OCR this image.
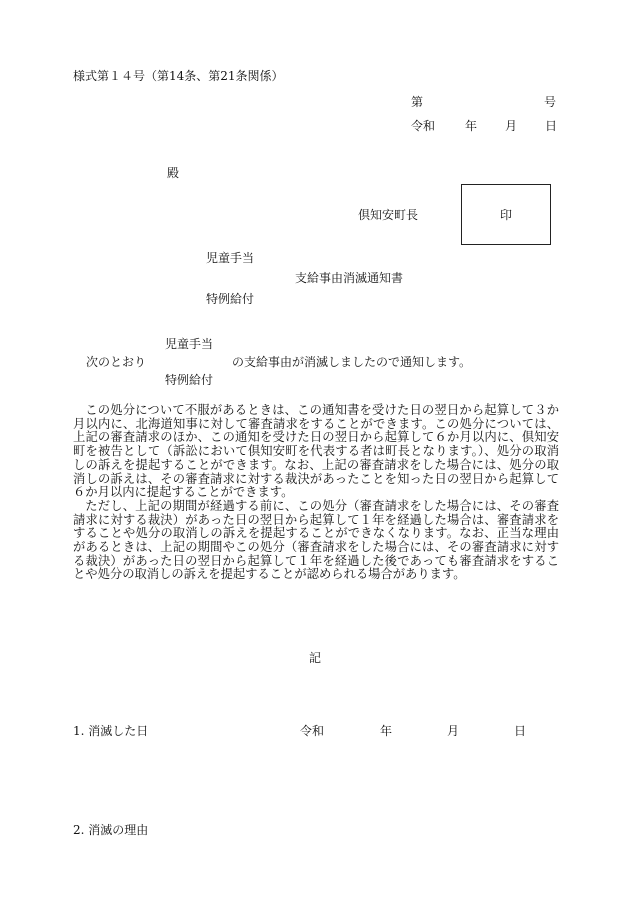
様式第１４号（第14条、第21条関係）
第	号
令和 年 月 日
殿
倶知安町長	印
児童手当
支給事由消滅通知書
特例給付
児童手当
次のとおり	の支給事由が消滅しましたので通知します。
特例給付

この処分について不服があるときは、この通知書を受けた日の翌日から起算して３か月以内に、北海道知事に対して審査請求をすることができます。この処分については、上記の審査請求のほか、この通知を受けた日の翌日から起算して６か月以内に、倶知安町を被告として（訴訟において倶知安町を代表する者は町長となります。）、処分の取消しの訴えを提起することができます。なお、上記の審査請求をした場合には、処分の取消しの訴えは、その審査請求に対する裁決があったことを知った日の翌日から起算して６か月以内に提起することができます。

ただし、上記の期間が経過する前に、この処分（審査請求をした場合には、その審査請求に対する裁決）があった日の翌日から起算して１年を経過した場合は、審査請求をすることや処分の取消しの訴えを提起することができなくなります。なお、正当な理由があるときは、上記の期間やこの処分（審査請求をした場合には、その審査請求に対する裁決）があった日の翌日から起算して１年を経過した後であっても審査請求をすることや処分の取消しの訴えを提起することが認められる場合があります。

記
1. 消滅した日	令和	年	月	日
2. 消滅の理由
